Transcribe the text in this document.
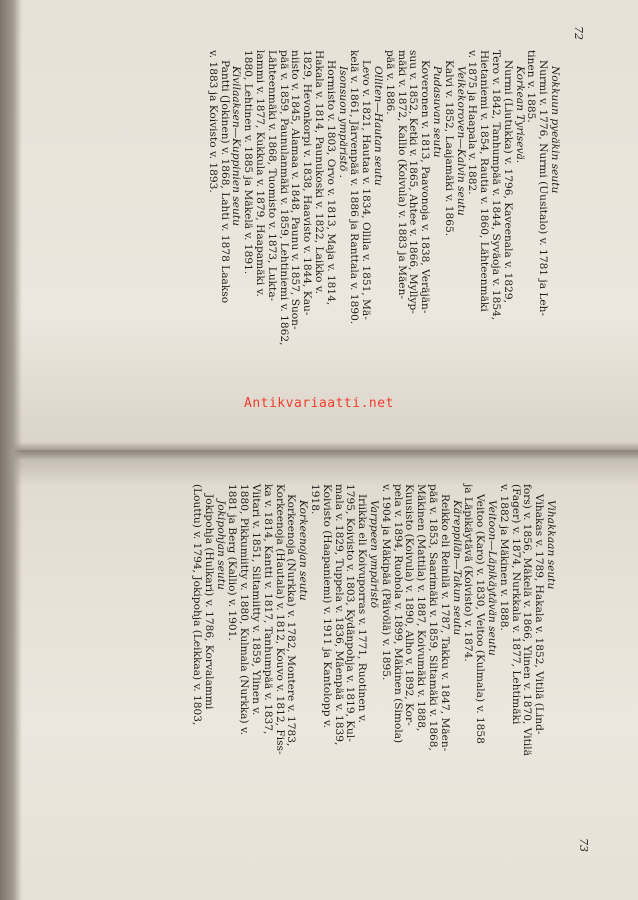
72
73
Nokkuun pyeäkin seutu
Nurmi v. 1776, Nurmi (Uusitalo) v. 1781 ja Leh-
tinen v. 1885.
Korkean Tyrisevä.
Nurmi (Liutukka) v. 1796, Kaveenala v. 1829,
Tero v. 1842, Tanhumpää v. 1844, Syväoja v. 1854,
Hietaniemi v. 1854, Rautia v. 1860, Lähteenmäki
v. 1875 ja Haapala v. 1882.
Veikekoroven—Kalvin seutu
Kalvi v. 1852, Laajamäki v. 1865.
Pudasuvan seutu
Koveronen v. 1813, Paavonoja v. 1838, Veräjän-
suu v. 1852, Ketki v. 1865, Ahtee v. 1866, Myllyp-
mäki v. 1872, Kallio (Koivula) v. 1883 ja Mäen-
pää v. 1886.
Olliten—Hautan seutu
Levo v. 1821, Hautaa v. 1834, Ollila v. 1851, Mä-
kelä v. 1861, Järvenpää v. 1886 ja Ranttala v. 1890.
Isonsuon ympäristö .
Hormisto v. 1803, Orvo v. 1813, Maja v. 1814,
Hakala v. 1814, Paunukoski v. 1822, Laikko v.
1829, Hevonkorpi v. 1838, Haavisto v. 1844, Kau-
niisto v. 1845, Alamaa v. 1848, Paunu v. 1857, Suon-
pää v. 1859, Paunulanmäki v. 1859, Lehtiniemi v. 1862,
Lähteenmäki v. 1868, Tuomisto v. 1873, Lukta-
lammi v. 1877, Kukkula v. 1879, Haapamäki v.
1880, Lehtinen v. 1885 ja Mäkelä v. 1891.
Kivilaaksen—Kuppinien seutu
Pantti (Jokinen) v. 1868, Lahti v. 1878 Laakso
v. 1883 ja Koivisto v. 1893.
Vihakkaan seutu
Vihakas v. 1789, Hakala v. 1852, Vitilä (Lind-
fors) v. 1856, Mäkelä v. 1866, Ylinen v. 1870, Vitilä
(Fager) v. 1874, Nurkkala v. 1877, Lehtimäki
v. 1882 ja Mäkinen v. 1888.
Veitoon—Läpikäytävän seutu
Veitoo (Karo) v. 1830, Veitoo (Kulmala) v. 1858
ja Läpikäytävä (Koivisto) v. 1874.
Käreppilän—Takun seutu
Reikko eli Reinilä v. 1787, Takku v. 1847, Mäen-
pää v. 1853, Saarimäki v. 1859, Siltamäki v. 1868,
Mäkinen (Mattila) v. 1887, Koivumäki v. 1888,
Kuusisto (Koivula) v. 1890, Alho v. 1892, Kor-
pela v. 1894, Ruohola v. 1899, Mäkinen (Simola)
v. 1904 ja Mäkipää (Päivölä) v. 1895.
Varppeen ympäristö
Iriikka eli Koivuporras v. 1771, Ruotinen v.
1795, Koivisto v. 1803, Kydänpohja v. 1819, Kul-
mala v. 1829, Tuppela v. 1836, Mäenpää v. 1839,
Koivisto (Haapaniemi) v. 1911 ja Kantolopp v.
1918.
Korkeenojan seutu
Korkeenoja (Nurkka) v. 1782, Montere v. 1783,
Korkeenoja (Hautala) v. 1812, Kouvo v. 1812, Fiss-
ka v. 1814, Kantti v. 1817, Tanhumpää v. 1837,
Viitari v. 1851, Siltamiitty v. 1859, Ylinen v.
1880, Pikkumiitty v. 1880, Kulmala (Nurkka) v.
1881 ja Berg (Kallio) v. 1901.
Jokipohjan seutu
Jokipohja (Hulkari) v. 1786, Korvalammi
(Louttu) v. 1794, Jokipohja (Leikkaa) v. 1803,
Antikvariaatti.net
